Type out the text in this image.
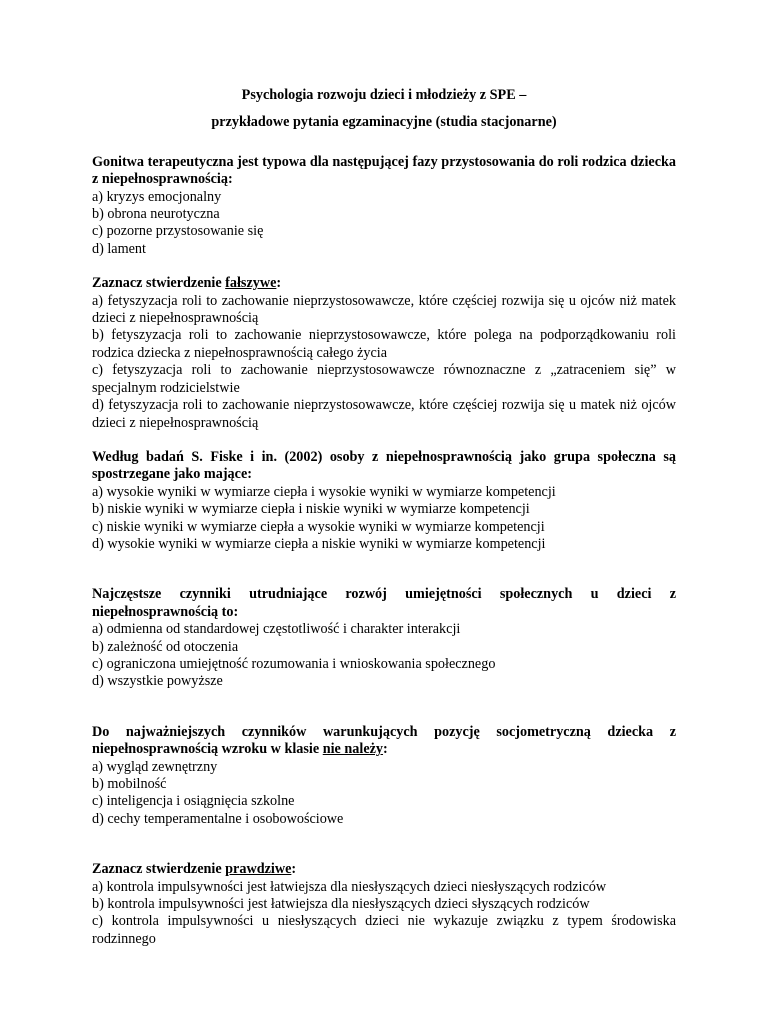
Psychologia rozwoju dzieci i młodzieży z SPE –

przykładowe pytania egzaminacyjne (studia stacjonarne)

Gonitwa terapeutyczna jest typowa dla następującej fazy przystosowania do roli rodzica dziecka z niepełnosprawnością:

a) kryzys emocjonalny

b) obrona neurotyczna

c) pozorne przystosowanie się

d) lament

Zaznacz stwierdzenie fałszywe:

a) fetyszyzacja roli to zachowanie nieprzystosowawcze, które częściej rozwija się u ojców niż matek dzieci z niepełnosprawnością

b) fetyszyzacja roli to zachowanie nieprzystosowawcze, które polega na podporządkowaniu roli rodzica dziecka z niepełnosprawnością całego życia

c) fetyszyzacja roli to zachowanie nieprzystosowawcze równoznaczne z „zatraceniem się” w specjalnym rodzicielstwie

d) fetyszyzacja roli to zachowanie nieprzystosowawcze, które częściej rozwija się u matek niż ojców dzieci z niepełnosprawnością

Według badań S. Fiske i in. (2002) osoby z niepełnosprawnością jako grupa społeczna są spostrzegane jako mające:

a) wysokie wyniki w wymiarze ciepła i wysokie wyniki w wymiarze kompetencji

b) niskie wyniki w wymiarze ciepła i niskie wyniki w wymiarze kompetencji

c) niskie wyniki w wymiarze ciepła a wysokie wyniki w wymiarze kompetencji

d) wysokie wyniki w wymiarze ciepła a niskie wyniki w wymiarze kompetencji

Najczęstsze czynniki utrudniające rozwój umiejętności społecznych u dzieci z niepełnosprawnością to:

a) odmienna od standardowej częstotliwość i charakter interakcji

b) zależność od otoczenia

c) ograniczona umiejętność rozumowania i wnioskowania społecznego

d) wszystkie powyższe

Do najważniejszych czynników warunkujących pozycję socjometryczną dziecka z niepełnosprawnością wzroku w klasie nie należy:

a) wygląd zewnętrzny

b) mobilność

c) inteligencja i osiągnięcia szkolne

d) cechy temperamentalne i osobowościowe

Zaznacz stwierdzenie prawdziwe:

a) kontrola impulsywności jest łatwiejsza dla niesłyszących dzieci niesłyszących rodziców

b) kontrola impulsywności jest łatwiejsza dla niesłyszących dzieci słyszących rodziców

c) kontrola impulsywności u niesłyszących dzieci nie wykazuje związku z typem środowiska rodzinnego
